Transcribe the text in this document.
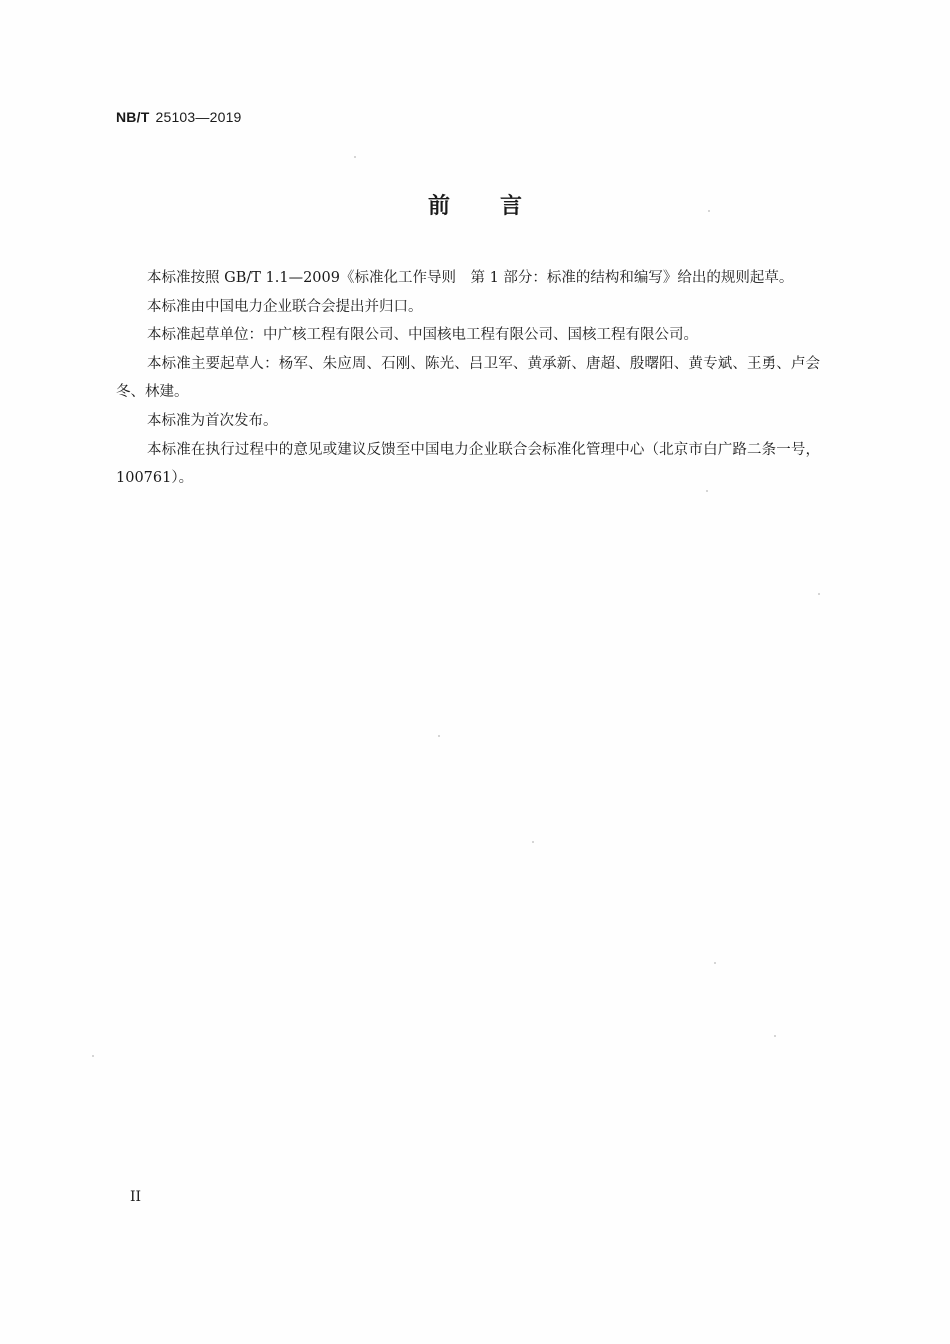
NB/T 25103—2019
前言

本标准按照 GB/T 1.1—2009《标准化工作导则　第 1 部分：标准的结构和编写》给出的规则起草。

本标准由中国电力企业联合会提出并归口。

本标准起草单位：中广核工程有限公司、中国核电工程有限公司、国核工程有限公司。

本标准主要起草人：杨军、朱应周、石刚、陈光、吕卫军、黄承新、唐超、殷曙阳、黄专斌、王勇、卢会冬、林建。

本标准为首次发布。

本标准在执行过程中的意见或建议反馈至中国电力企业联合会标准化管理中心（北京市白广路二条一号，100761）。

II
